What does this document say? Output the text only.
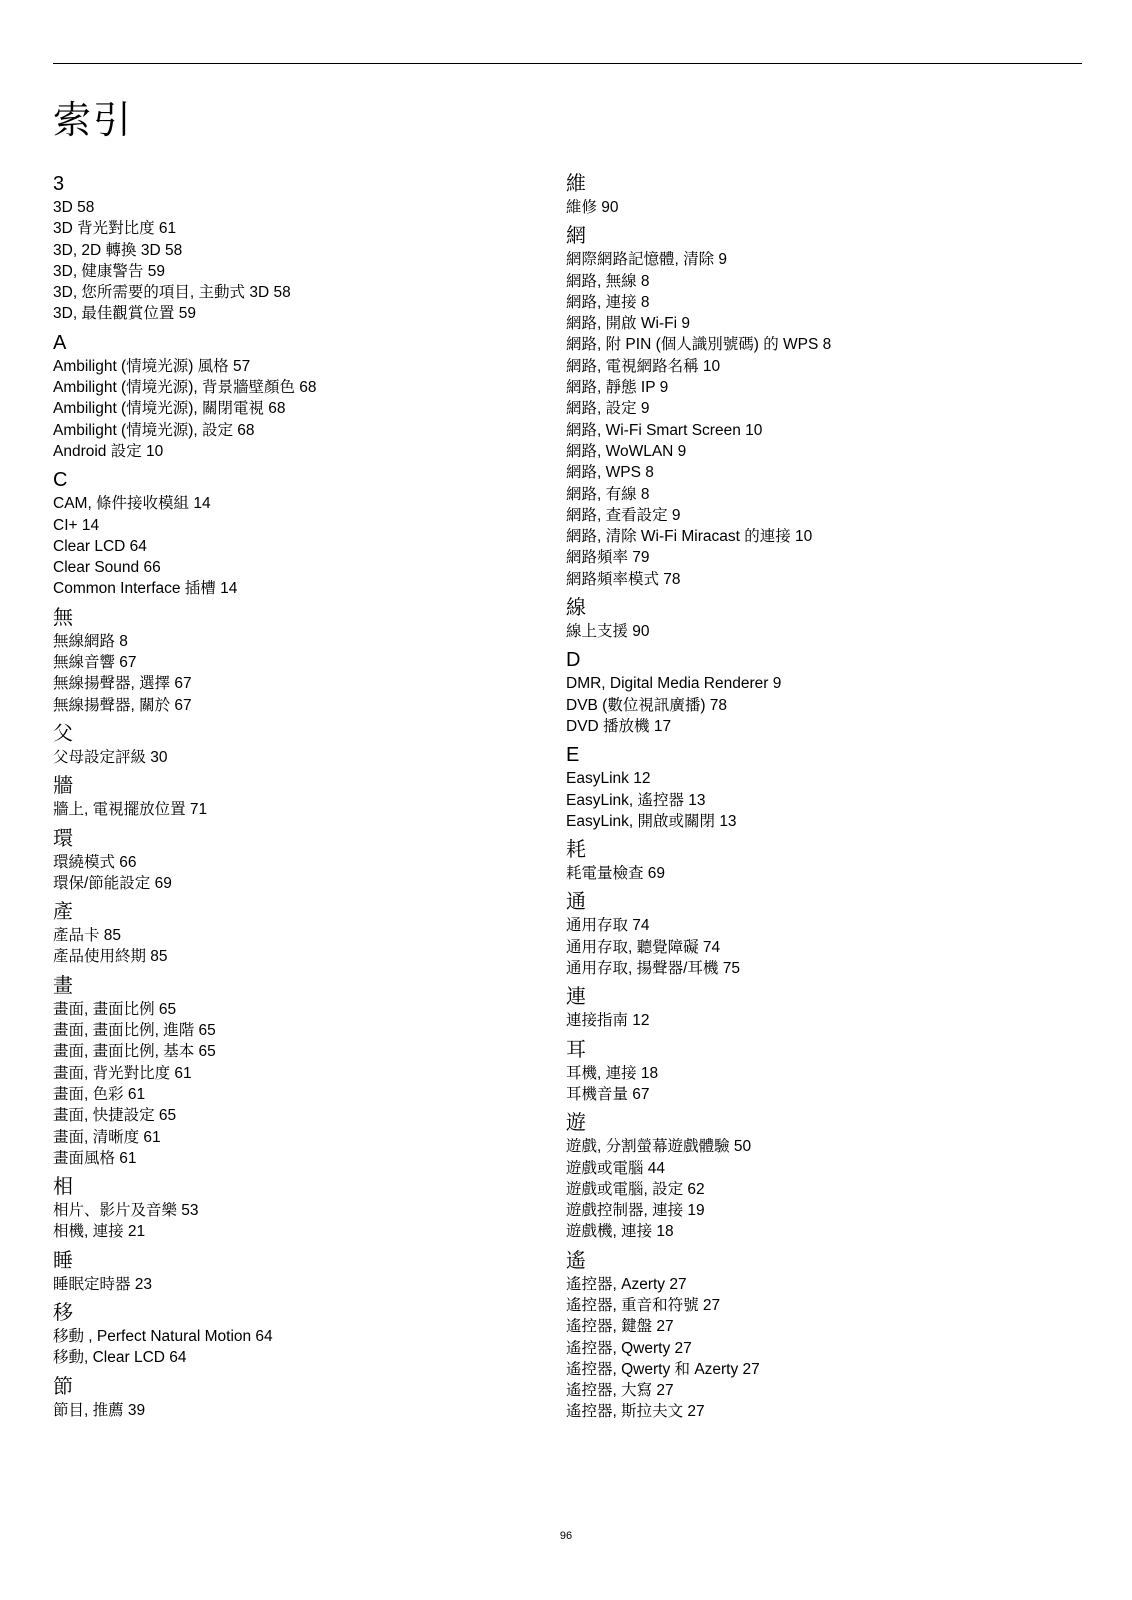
索引
3
3D 58
3D 背光對比度 61
3D, 2D 轉換 3D 58
3D, 健康警告 59
3D, 您所需要的項目, 主動式 3D 58
3D, 最佳觀賞位置 59
A
Ambilight (情境光源) 風格 57
Ambilight (情境光源), 背景牆壁顏色 68
Ambilight (情境光源), 關閉電視 68
Ambilight (情境光源), 設定 68
Android 設定 10
C
CAM, 條件接收模組 14
CI+ 14
Clear LCD 64
Clear Sound 66
Common Interface 插槽 14
無
無線網路 8
無線音響 67
無線揚聲器, 選擇 67
無線揚聲器, 關於 67
父
父母設定評級 30
牆
牆上, 電視擺放位置 71
環
環繞模式 66
環保/節能設定 69
產
產品卡 85
產品使用終期 85
畫
畫面, 畫面比例 65
畫面, 畫面比例, 進階 65
畫面, 畫面比例, 基本 65
畫面, 背光對比度 61
畫面, 色彩 61
畫面, 快捷設定 65
畫面, 清晰度 61
畫面風格 61
相
相片、影片及音樂 53
相機, 連接 21
睡
睡眠定時器 23
移
移動 , Perfect Natural Motion 64
移動, Clear LCD 64
節
節目, 推薦 39
維
維修 90
網
網際網路記憶體, 清除 9
網路, 無線 8
網路, 連接 8
網路, 開啟 Wi-Fi 9
網路, 附 PIN (個人識別號碼) 的 WPS 8
網路, 電視網路名稱 10
網路, 靜態 IP 9
網路, 設定 9
網路, Wi-Fi Smart Screen 10
網路, WoWLAN 9
網路, WPS 8
網路, 有線 8
網路, 查看設定 9
網路, 清除 Wi-Fi Miracast 的連接 10
網路頻率 79
網路頻率模式 78
線
線上支援 90
D
DMR, Digital Media Renderer 9
DVB (數位視訊廣播) 78
DVD 播放機 17
E
EasyLink 12
EasyLink, 遙控器 13
EasyLink, 開啟或關閉 13
耗
耗電量檢查 69
通
通用存取 74
通用存取, 聽覺障礙 74
通用存取, 揚聲器/耳機 75
連
連接指南 12
耳
耳機, 連接 18
耳機音量 67
遊
遊戲, 分割螢幕遊戲體驗 50
遊戲或電腦 44
遊戲或電腦, 設定 62
遊戲控制器, 連接 19
遊戲機, 連接 18
遙
遙控器, Azerty 27
遙控器, 重音和符號 27
遙控器, 鍵盤 27
遙控器, Qwerty 27
遙控器, Qwerty 和 Azerty 27
遙控器, 大寫 27
遙控器, 斯拉夫文 27
96
